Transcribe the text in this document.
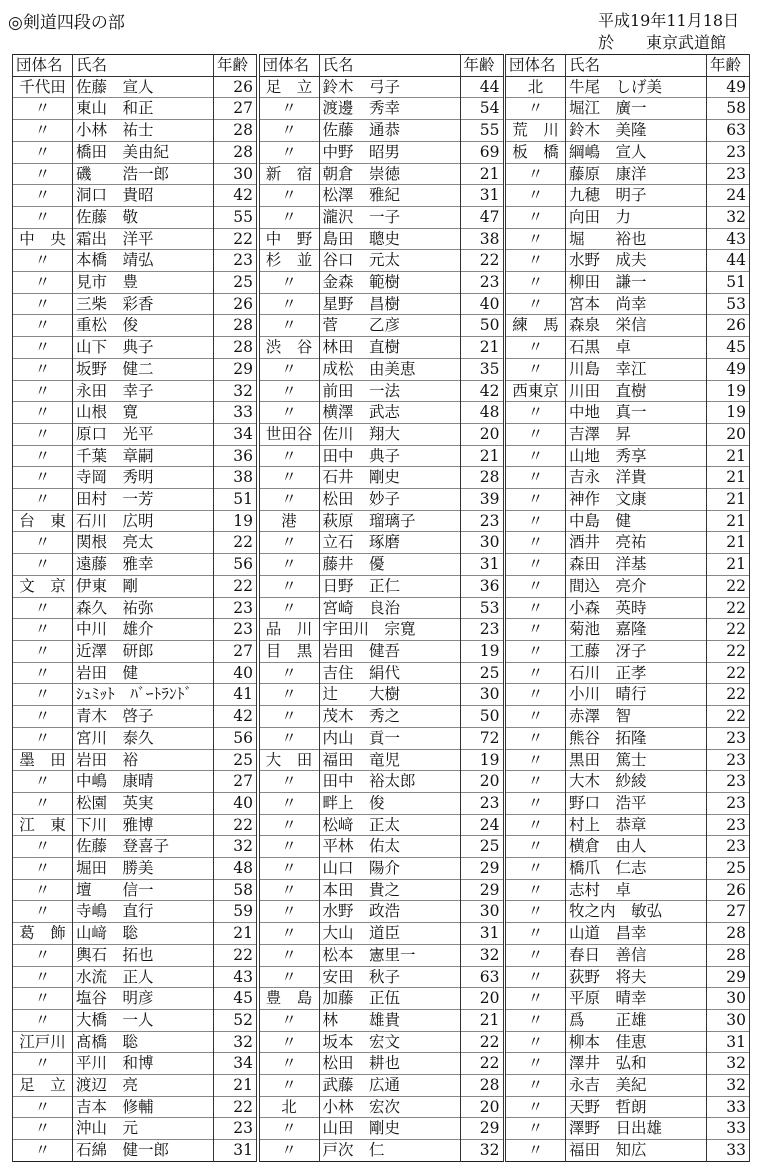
◎剣道四段の部	平成19年11月18日
於　　東京武道館
団体名	氏名	年齢
千代田	佐藤　宣人	26
〃	東山　和正	27
〃	小林　祐士	28
〃	橋田　美由紀	28
〃	磯　　浩一郎	30
〃	洞口　貴昭	42
〃	佐藤　敬	55
中　央	霜出　洋平	22
〃	本橋　靖弘	23
〃	見市　豊	25
〃	三柴　彩香	26
〃	重松　俊	28
〃	山下　典子	28
〃	坂野　健二	29
〃	永田　幸子	32
〃	山根　寛	33
〃	原口　光平	34
〃	千葉　章嗣	36
〃	寺岡　秀明	38
〃	田村　一芳	51
台　東	石川　広明	19
〃	関根　亮太	22
〃	遠藤　雅幸	56
文　京	伊東　剛	22
〃	森久　祐弥	23
〃	中川　雄介	23
〃	近澤　研郎	27
〃	岩田　健	40
〃	ｼｭﾐｯﾄ　ﾊﾞｰﾄﾗﾝﾄﾞ	41
〃	青木　啓子	42
〃	宮川　泰久	56
墨　田	岩田　裕	25
〃	中嶋　康晴	27
〃	松園　英実	40
江　東	下川　雅博	22
〃	佐藤　登喜子	32
〃	堀田　勝美	48
〃	壇　　信一	58
〃	寺嶋　直行	59
葛　飾	山﨑　聡	21
〃	輿石　拓也	22
〃	水流　正人	43
〃	塩谷　明彦	45
〃	大橋　一人	52
江戸川	髙橋　聡	32
〃	平川　和博	34
足　立	渡辺　亮	21
〃	吉本　修輔	22
〃	沖山　元	23
〃	石綿　健一郎	31
団体名	氏名	年齢
足　立	鈴木　弓子	44
〃	渡邊　秀幸	54
〃	佐藤　通恭	55
〃	中野　昭男	69
新　宿	朝倉　崇徳	21
〃	松澤　雅紀	31
〃	瀧沢　一子	47
中　野	島田　聰史	38
杉　並	谷口　元太	22
〃	金森　範樹	23
〃	星野　昌樹	40
〃	菅　　乙彦	50
渋　谷	林田　直樹	21
〃	成松　由美恵	35
〃	前田　一法	42
〃	横澤　武志	48
世田谷	佐川　翔大	20
〃	田中　典子	21
〃	石井　剛史	28
〃	松田　妙子	39
港	萩原　瑠璃子	23
〃	立石　琢磨	30
〃	藤井　優	31
〃	日野　正仁	36
〃	宮崎　良治	53
品　川	宇田川　宗寛	23
目　黒	岩田　健吾	19
〃	吉住　絹代	25
〃	辻　　大樹	30
〃	茂木　秀之	50
〃	内山　貢一	72
大　田	福田　竜児	19
〃	田中　裕太郎	20
〃	畔上　俊	23
〃	松﨑　正太	24
〃	平林　佑太	25
〃	山口　陽介	29
〃	本田　貴之	29
〃	水野　政浩	30
〃	大山　道臣	31
〃	松本　憲里一	32
〃	安田　秋子	63
豊　島	加藤　正伍	20
〃	林　　雄貴	21
〃	坂本　宏文	22
〃	松田　耕也	22
〃	武藤　広通	28
北	小林　宏次	20
〃	山田　剛史	29
〃	戸次　仁	32
団体名	氏名	年齢
北	牛尾　しげ美	49
〃	堀江　廣一	58
荒　川	鈴木　美隆	63
板　橋	綱嶋　宣人	23
〃	藤原　康洋	23
〃	九穂　明子	24
〃	向田　力	32
〃	堀　　裕也	43
〃	水野　成夫	44
〃	柳田　謙一	51
〃	宮本　尚幸	53
練　馬	森泉　栄信	26
〃	石黒　卓	45
〃	川島　幸江	49
西東京	川田　直樹	19
〃	中地　真一	19
〃	吉澤　昇	20
〃	山地　秀享	21
〃	吉永　洋貴	21
〃	神作　文康	21
〃	中島　健	21
〃	酒井　亮祐	21
〃	森田　洋基	21
〃	間込　亮介	22
〃	小森　英時	22
〃	菊池　嘉隆	22
〃	工藤　冴子	22
〃	石川　正孝	22
〃	小川　晴行	22
〃	赤澤　智	22
〃	熊谷　拓隆	23
〃	黒田　篤士	23
〃	大木　紗綾	23
〃	野口　浩平	23
〃	村上　恭章	23
〃	横倉　由人	23
〃	橋爪　仁志	25
〃	志村　卓	26
〃	牧之内　敏弘	27
〃	山道　昌幸	28
〃	春日　善信	28
〃	荻野　将夫	29
〃	平原　晴幸	30
〃	爲　　正雄	30
〃	柳本　佳恵	31
〃	澤井　弘和	32
〃	永吉　美紀	32
〃	天野　哲朗	33
〃	澤野　日出雄	33
〃	福田　知広	33
